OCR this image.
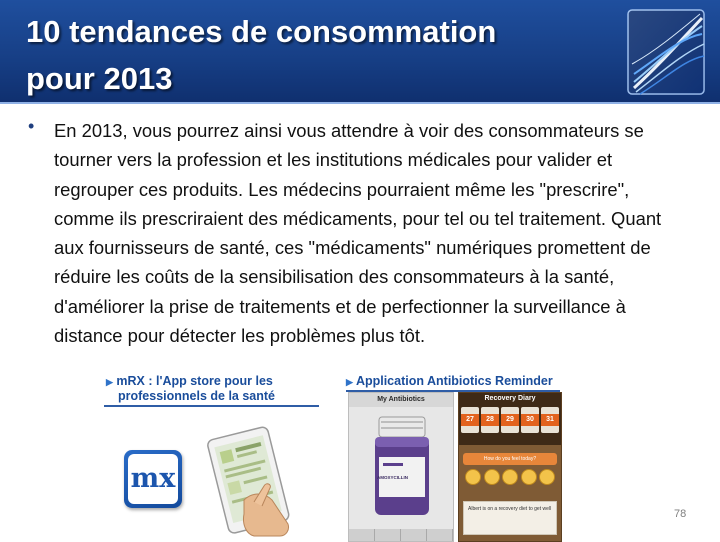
10 tendances de consommation
pour 2013
• En 2013, vous pourrez ainsi vous attendre à voir des consommateurs se tourner vers la profession et les institutions médicales pour valider et regrouper ces produits. Les médecins pourraient même les "prescrire", comme ils prescriraient des médicaments, pour tel ou tel traitement. Quant aux fournisseurs de santé, ces "médicaments" numériques promettent de réduire les coûts de la sensibilisation des consommateurs à la santé, d'améliorer la prise de traitements et de perfectionner la surveillance à distance pour détecter les problèmes plus tôt.

▶ mRX : l'App store pour les
professionnels de la santé
mx
▶ Application Antibiotics Reminder
My Antibiotics
AMOXYCILLIN
Recovery Diary
27	28	29	30	31
How do you feel today?
Albert is on a recovery diet to get well	78
